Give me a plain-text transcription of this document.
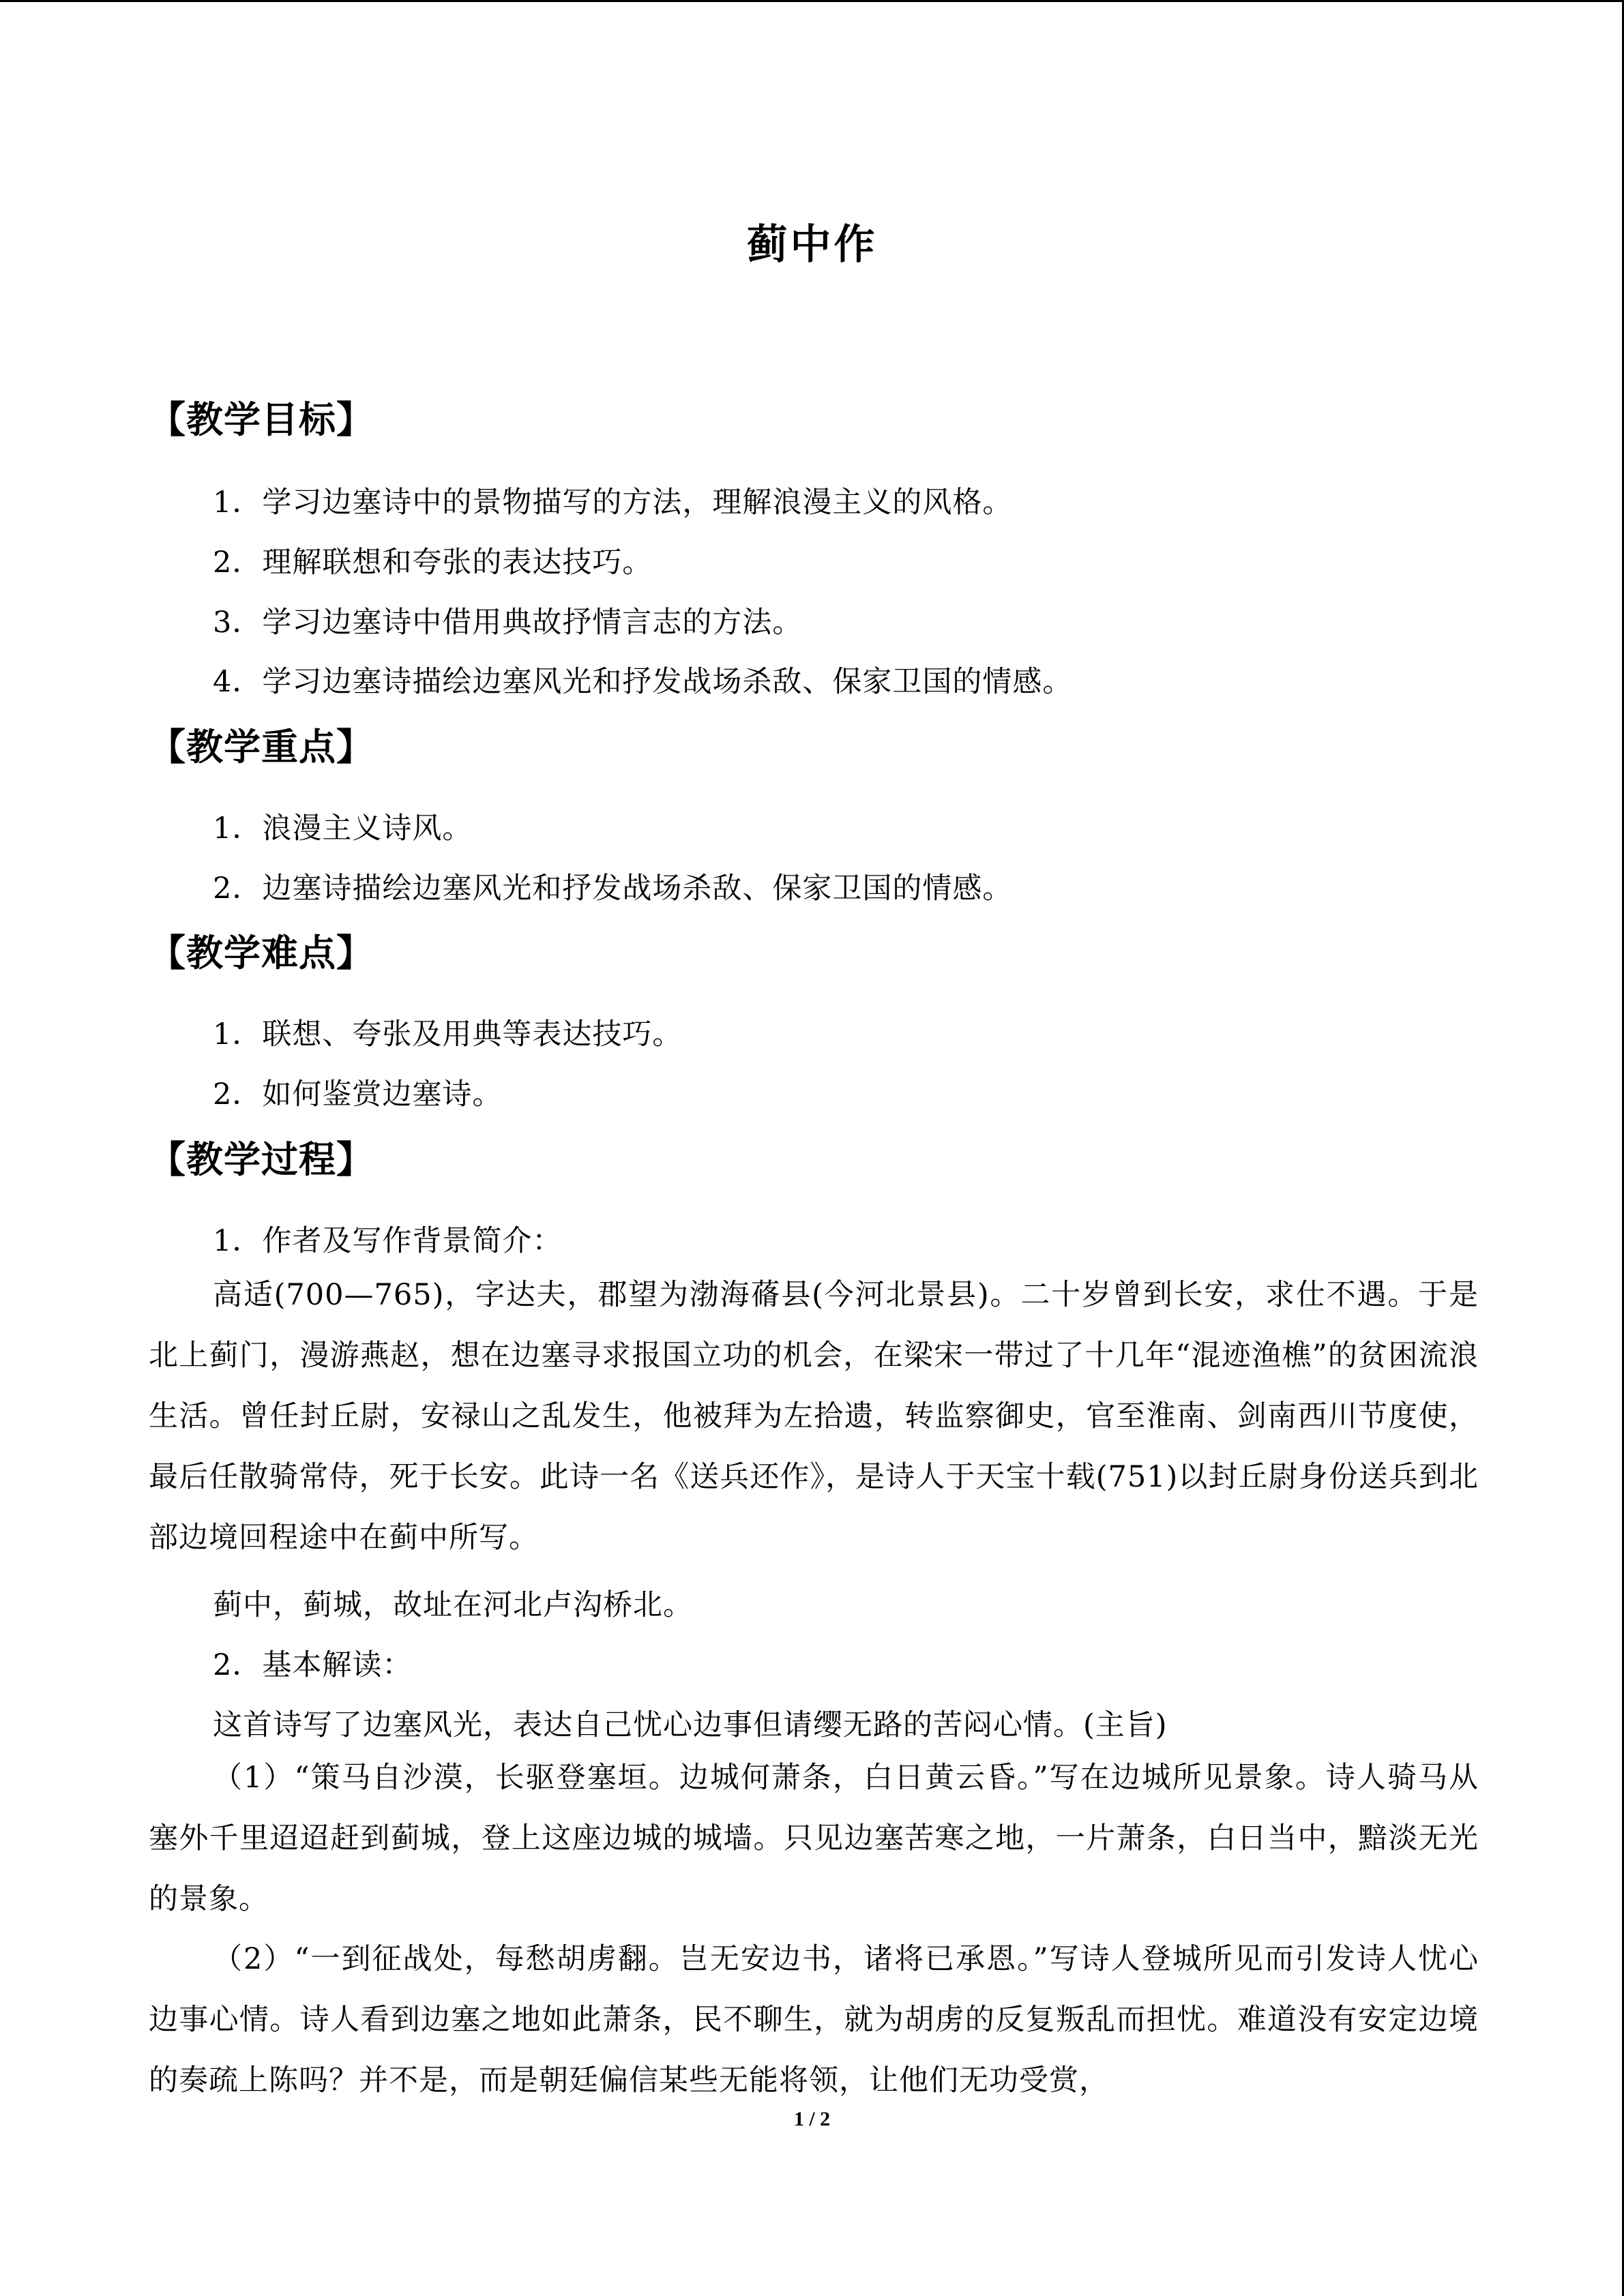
蓟中作
【教学目标】
1．学习边塞诗中的景物描写的方法，理解浪漫主义的风格。
2．理解联想和夸张的表达技巧。
3．学习边塞诗中借用典故抒情言志的方法。
4．学习边塞诗描绘边塞风光和抒发战场杀敌、保家卫国的情感。
【教学重点】
1．浪漫主义诗风。
2．边塞诗描绘边塞风光和抒发战场杀敌、保家卫国的情感。
【教学难点】
1．联想、夸张及用典等表达技巧。
2．如何鉴赏边塞诗。
【教学过程】
1．作者及写作背景简介：
高适(700—765)，字达夫，郡望为渤海蓨县(今河北景县)。二十岁曾到长安，求仕不遇。于是北上蓟门，漫游燕赵，想在边塞寻求报国立功的机会，在梁宋一带过了十几年“混迹渔樵”的贫困流浪生活。曾任封丘尉，安禄山之乱发生，他被拜为左拾遗，转监察御史，官至淮南、剑南西川节度使，最后任散骑常侍，死于长安。此诗一名《送兵还作》，是诗人于天宝十载(751)以封丘尉身份送兵到北部边境回程途中在蓟中所写。
蓟中，蓟城，故址在河北卢沟桥北。
2．基本解读：
这首诗写了边塞风光，表达自己忧心边事但请缨无路的苦闷心情。(主旨)
（1）“策马自沙漠，长驱登塞垣。边城何萧条，白日黄云昏。”写在边城所见景象。诗人骑马从塞外千里迢迢赶到蓟城，登上这座边城的城墙。只见边塞苦寒之地，一片萧条，白日当中，黯淡无光的景象。
（2）“一到征战处，每愁胡虏翻。岂无安边书，诸将已承恩。”写诗人登城所见而引发诗人忧心边事心情。诗人看到边塞之地如此萧条，民不聊生，就为胡虏的反复叛乱而担忧。难道没有安定边境的奏疏上陈吗？并不是，而是朝廷偏信某些无能将领，让他们无功受赏，
1 / 2
